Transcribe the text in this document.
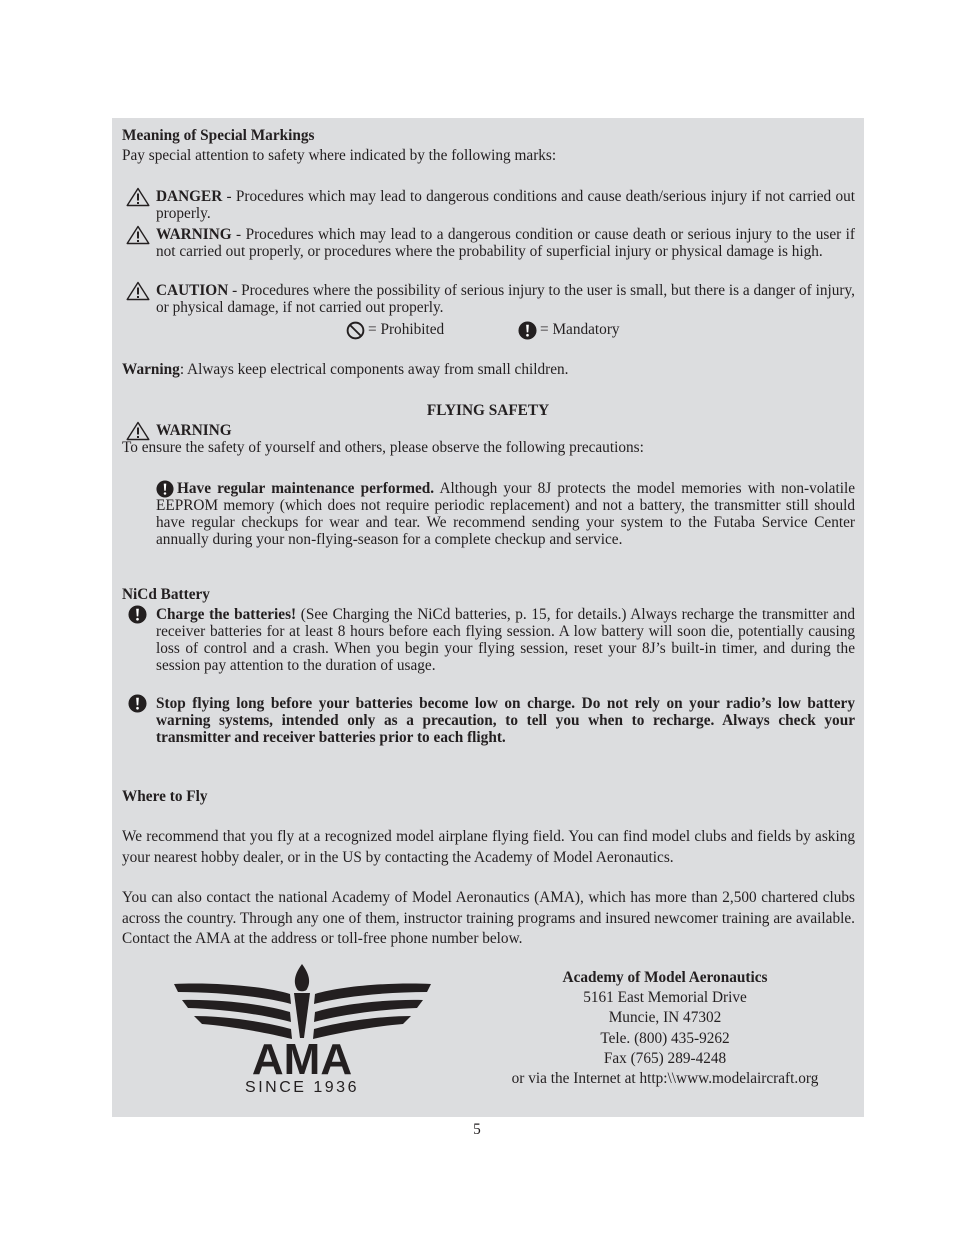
Meaning of Special Markings

Pay special attention to safety where indicated by the following marks:

DANGER - Procedures which may lead to dangerous conditions and cause death/serious injury if not carried out properly.

WARNING - Procedures which may lead to a dangerous condition or cause death or serious injury to the user if not carried out properly, or procedures where the probability of superficial injury or physical damage is high.

CAUTION - Procedures where the possibility of serious injury to the user is small, but there is a danger of injury, or physical damage, if not carried out properly.

= Prohibited	= Mandatory

Warning: Always keep electrical components away from small children.

FLYING SAFETY

WARNING

To ensure the safety of yourself and others, please observe the following precautions:

Have regular maintenance performed. Although your 8J protects the model memories with non-volatile EEPROM memory (which does not require periodic replacement) and not a battery, the transmitter still should have regular checkups for wear and tear. We recommend sending your system to the Futaba Service Center annually during your non-flying-season for a complete checkup and service.

NiCd Battery

Charge the batteries! (See Charging the NiCd batteries, p. 15, for details.) Always recharge the transmitter and receiver batteries for at least 8 hours before each flying session. A low battery will soon die, potentially causing loss of control and a crash. When you begin your flying session, reset your 8J’s built-in timer, and during the session pay attention to the duration of usage.

Stop flying long before your batteries become low on charge. Do not rely on your radio’s low battery warning systems, intended only as a precaution, to tell you when to recharge. Always check your transmitter and receiver batteries prior to each flight.

Where to Fly

We recommend that you fly at a recognized model airplane flying field. You can find model clubs and fields by asking your nearest hobby dealer, or in the US by contacting the Academy of Model Aeronautics.

You can also contact the national Academy of Model Aeronautics (AMA), which has more than 2,500 chartered clubs across the country. Through any one of them, instructor training programs and insured newcomer training are available. Contact the AMA at the address or toll-free phone number below.

AMA
SINCE 1936
Academy of Model Aeronautics
5161 East Memorial Drive
Muncie, IN 47302
Tele. (800) 435-9262
Fax (765) 289-4248
or via the Internet at http:\\www.modelaircraft.org
5
